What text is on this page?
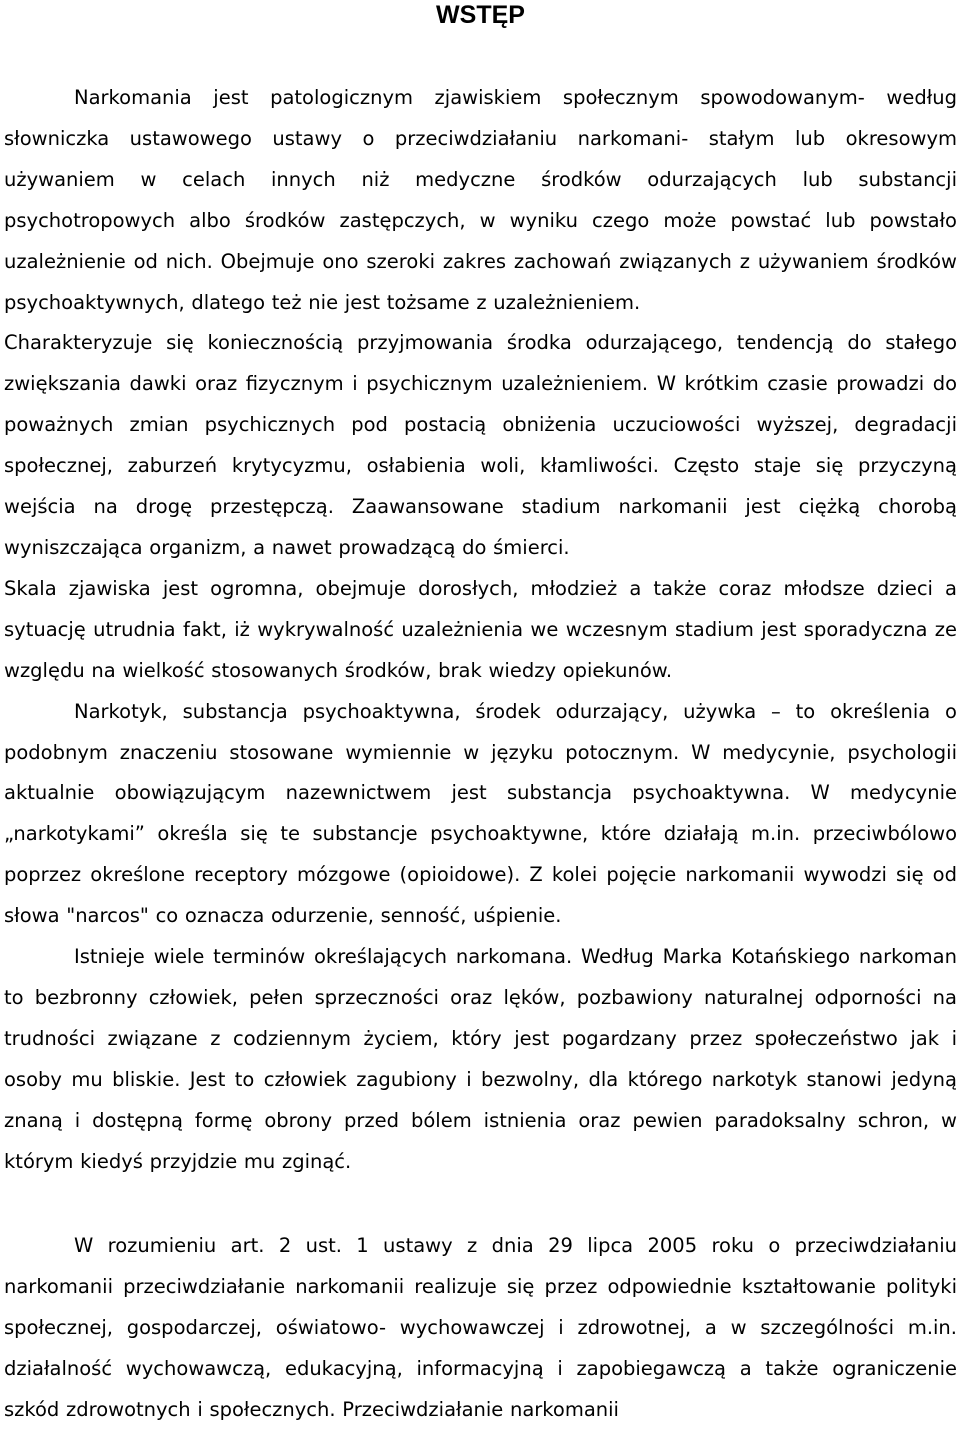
WSTĘP

Narkomania jest patologicznym zjawiskiem społecznym spowodowanym- według słowniczka ustawowego ustawy o przeciwdziałaniu narkomani- stałym lub okresowym używaniem w celach innych niż medyczne środków odurzających lub substancji psychotropowych albo środków zastępczych, w wyniku czego może powstać lub powstało uzależnienie od nich. Obejmuje ono szeroki zakres zachowań związanych z używaniem środków psychoaktywnych, dlatego też nie jest tożsame z uzależnieniem.

Charakteryzuje się koniecznością przyjmowania środka odurzającego, tendencją do stałego zwiększania dawki oraz fizycznym i psychicznym uzależnieniem. W krótkim czasie prowadzi do poważnych zmian psychicznych pod postacią obniżenia uczuciowości wyższej, degradacji społecznej, zaburzeń krytycyzmu, osłabienia woli, kłamliwości. Często staje się przyczyną wejścia na drogę przestępczą. Zaawansowane stadium narkomanii jest ciężką chorobą wyniszczająca organizm, a nawet prowadzącą do śmierci.

Skala zjawiska jest ogromna, obejmuje dorosłych, młodzież a także coraz młodsze dzieci a sytuację utrudnia fakt, iż wykrywalność uzależnienia we wczesnym stadium jest sporadyczna ze względu na wielkość stosowanych środków, brak wiedzy opiekunów.

Narkotyk, substancja psychoaktywna, środek odurzający, używka – to określenia o podobnym znaczeniu stosowane wymiennie w języku potocznym. W medycynie, psychologii aktualnie obowiązującym nazewnictwem jest substancja psychoaktywna. W medycynie „narkotykami” określa się te substancje psychoaktywne, które działają m.in. przeciwbólowo poprzez określone receptory mózgowe (opioidowe). Z kolei pojęcie narkomanii wywodzi się od słowa "narcos" co oznacza odurzenie, senność, uśpienie.

Istnieje wiele terminów określających narkomana. Według Marka Kotańskiego narkoman to bezbronny człowiek, pełen sprzeczności oraz lęków, pozbawiony naturalnej odporności na trudności związane z codziennym życiem, który jest pogardzany przez społeczeństwo jak i osoby mu bliskie. Jest to człowiek zagubiony i bezwolny, dla którego narkotyk stanowi jedyną znaną i dostępną formę obrony przed bólem istnienia oraz pewien paradoksalny schron, w którym kiedyś przyjdzie mu zginąć.

W rozumieniu art. 2 ust. 1 ustawy z dnia 29 lipca 2005 roku o przeciwdziałaniu narkomanii przeciwdziałanie narkomanii realizuje się przez odpowiednie kształtowanie polityki społecznej, gospodarczej, oświatowo- wychowawczej i zdrowotnej, a w szczególności m.in. działalność wychowawczą, edukacyjną, informacyjną i zapobiegawczą a także ograniczenie szkód zdrowotnych i społecznych. Przeciwdziałanie narkomanii
